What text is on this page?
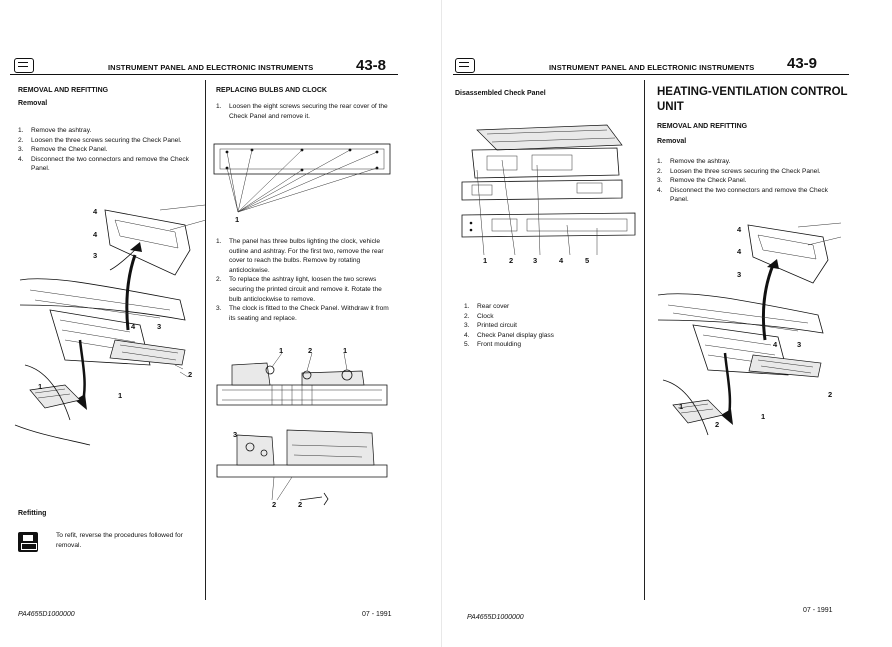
INSTRUMENT PANEL AND ELECTRONIC INSTRUMENTS	43-8
REMOVAL AND REFITTING
Removal
1. Remove the ashtray.
2. Loosen the three screws securing the Check Panel.
3. Remove the Check Panel.
4. Disconnect the two connectors and remove the Check Panel.
4
4
3
4	3
2
1
1
2
Refitting
To refit, reverse the procedures followed for removal.
REPLACING BULBS AND CLOCK
1. Loosen the eight screws securing the rear cover of the Check Panel and remove it.
1
1. The panel has three bulbs lighting the clock, vehicle outline and ashtray. For the first two, remove the rear cover to reach the bulbs. Remove by rotating anticlockwise.
2. To replace the ashtray light, loosen the two screws securing the printed circuit and remove it. Rotate the bulb anticlockwise to remove.
3. The clock is fitted to the Check Panel. Withdraw it from its seating and replace.
1	2	1
3
2	2
PA4655D1000000	07 - 1991
INSTRUMENT PANEL AND ELECTRONIC INSTRUMENTS 43-9
Disassembled Check Panel
1	2	3	4	5
1. Rear cover
2. Clock
3. Printed circuit
4. Check Panel display glass
5. Front moulding
HEATING-VENTILATION CONTROL UNIT
REMOVAL AND REFITTING
Removal
1. Remove the ashtray.
2. Loosen the three screws securing the Check Panel.
3. Remove the Check Panel.
4. Disconnect the two connectors and remove the Check Panel.
4
4
3
4	3
2
1
1
2
PA4655D1000000
07 - 1991
